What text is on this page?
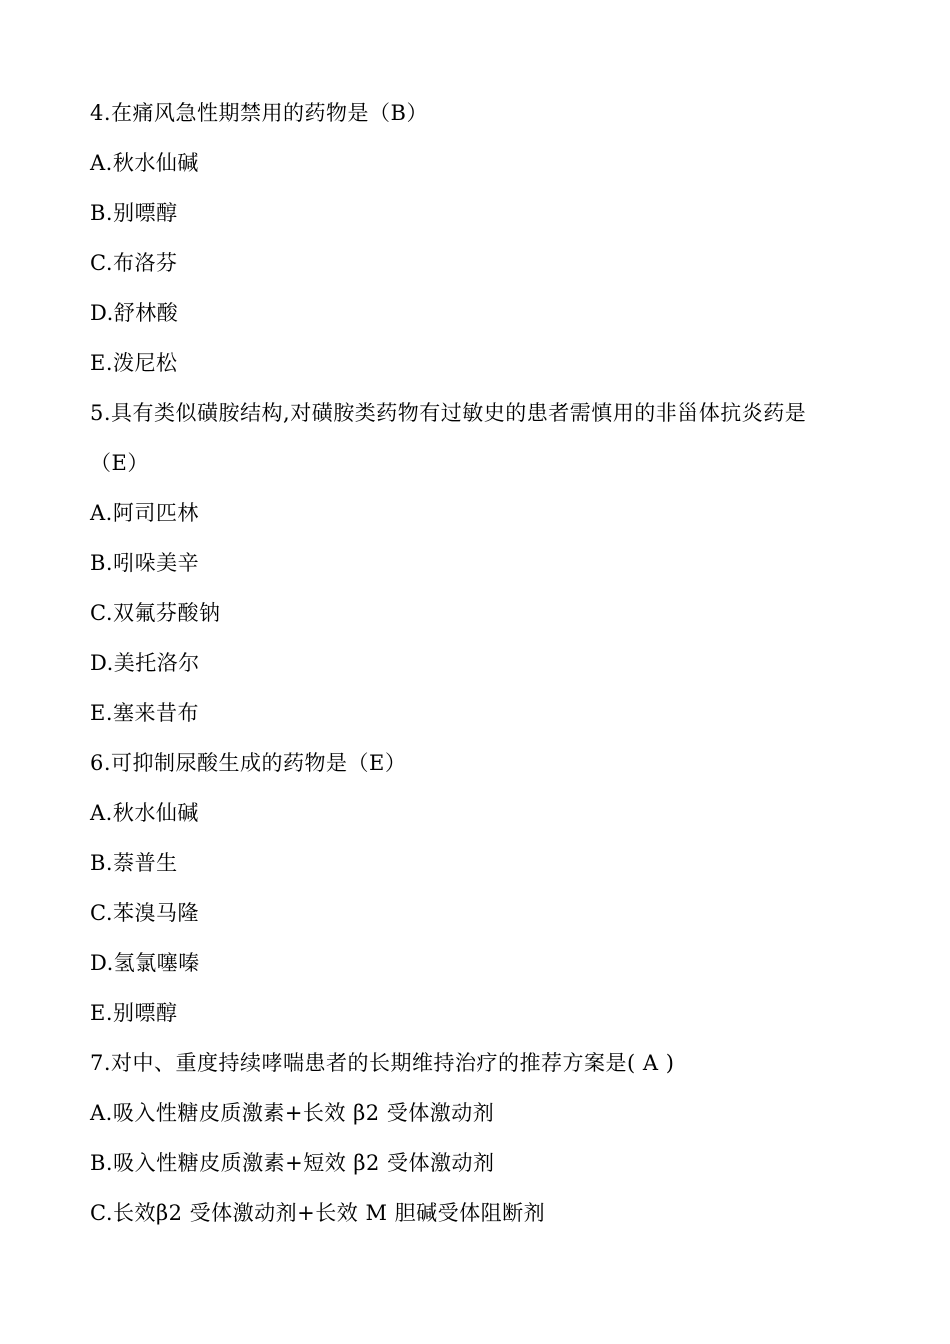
4.在痛风急性期禁用的药物是（B）
A.秋水仙碱
B.别嘌醇
C.布洛芬
D.舒林酸
E.泼尼松
5.具有类似磺胺结构,对磺胺类药物有过敏史的患者需慎用的非甾体抗炎药是
（E）
A.阿司匹林
B.吲哚美辛
C.双氟芬酸钠
D.美托洛尔
E.塞来昔布
6.可抑制尿酸生成的药物是（E）
A.秋水仙碱
B.萘普生
C.苯溴马隆
D.氢氯噻嗪
E.别嘌醇
7.对中、重度持续哮喘患者的长期维持治疗的推荐方案是( A )
A.吸入性糖皮质激素+长效 β2 受体激动剂
B.吸入性糖皮质激素+短效 β2 受体激动剂
C.长效β2 受体激动剂+长效 M 胆碱受体阻断剂
